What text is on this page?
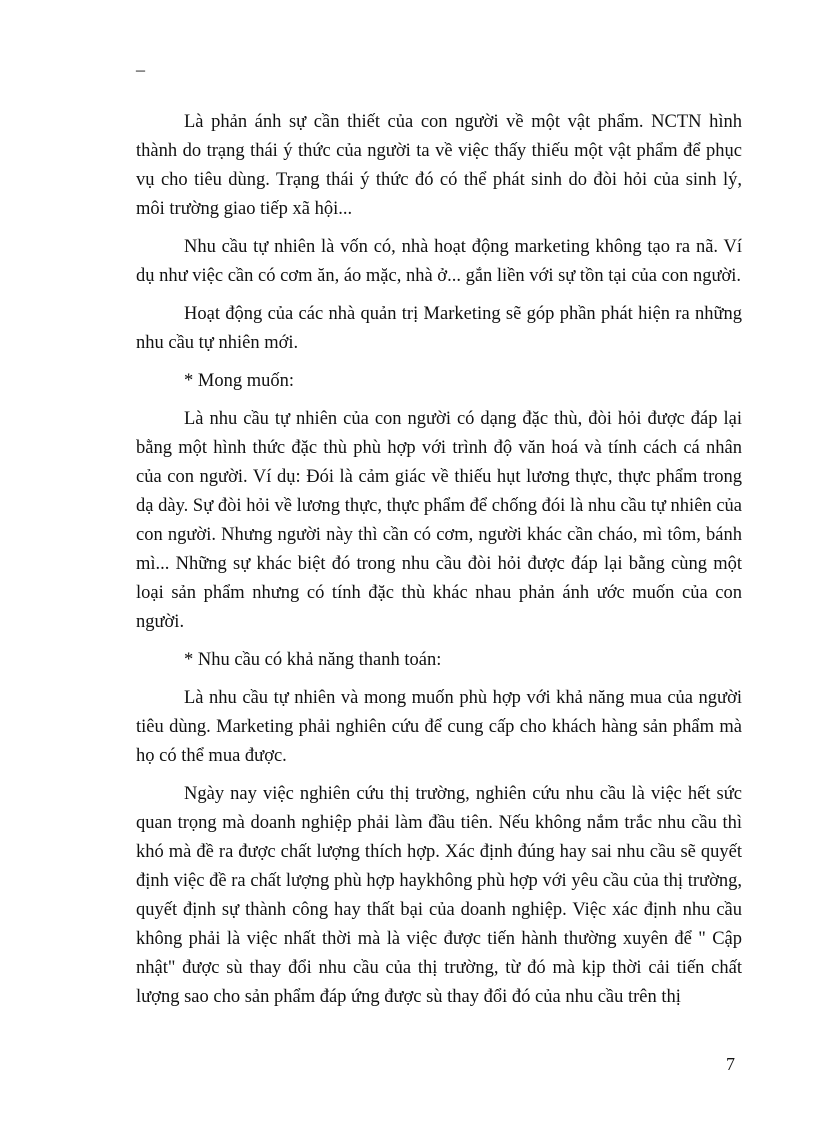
_

Là phản ánh sự cần thiết của con người về một vật phẩm. NCTN hình thành do trạng thái ý thức của người ta về việc thấy thiếu một vật phẩm để phục vụ cho tiêu dùng. Trạng thái ý thức đó có thể phát sinh do đòi hỏi của sinh lý, môi trường giao tiếp xã hội...

Nhu cầu tự nhiên là vốn có, nhà hoạt động marketing không tạo ra nã. Ví dụ như việc cần có cơm ăn, áo mặc, nhà ở... gắn liền với sự tồn tại của con người.

Hoạt động của các nhà quản trị Marketing sẽ góp phần phát hiện ra những nhu cầu tự nhiên mới.

* Mong muốn:

Là nhu cầu tự nhiên của con người có dạng đặc thù, đòi hỏi được đáp lại bằng một hình thức đặc thù phù hợp với trình độ văn hoá và tính cách cá nhân của con người. Ví dụ: Đói là cảm giác về thiếu hụt lương thực, thực phẩm trong dạ dày. Sự đòi hỏi về lương thực, thực phẩm để chống đói là nhu cầu tự nhiên của con người. Nhưng người này thì cần có cơm, người khác cần cháo, mì tôm, bánh mì... Những sự khác biệt đó trong nhu cầu đòi hỏi được đáp lại bằng cùng một loại sản phẩm nhưng có tính đặc thù khác nhau phản ánh ước muốn của con người.

* Nhu cầu có khả năng thanh toán:

Là nhu cầu tự nhiên và mong muốn phù hợp với khả năng mua của người tiêu dùng. Marketing phải nghiên cứu để cung cấp cho khách hàng sản phẩm mà họ có thể mua được.

Ngày nay việc nghiên cứu thị trường, nghiên cứu nhu cầu là việc hết sức quan trọng mà doanh nghiệp phải làm đầu tiên. Nếu không nắm trắc nhu cầu thì khó mà đề ra được chất lượng thích hợp. Xác định đúng hay sai nhu cầu sẽ quyết định việc đề ra chất lượng phù hợp haykhông phù hợp với yêu cầu của thị trường, quyết định sự thành công hay thất bại của doanh nghiệp. Việc xác định nhu cầu không phải là việc nhất thời mà là việc được tiến hành thường xuyên để " Cập nhật" được sù thay đổi nhu cầu của thị trường, từ đó mà kịp thời cải tiến chất lượng sao cho sản phẩm đáp ứng được sù thay đổi đó của nhu cầu trên thị

7
